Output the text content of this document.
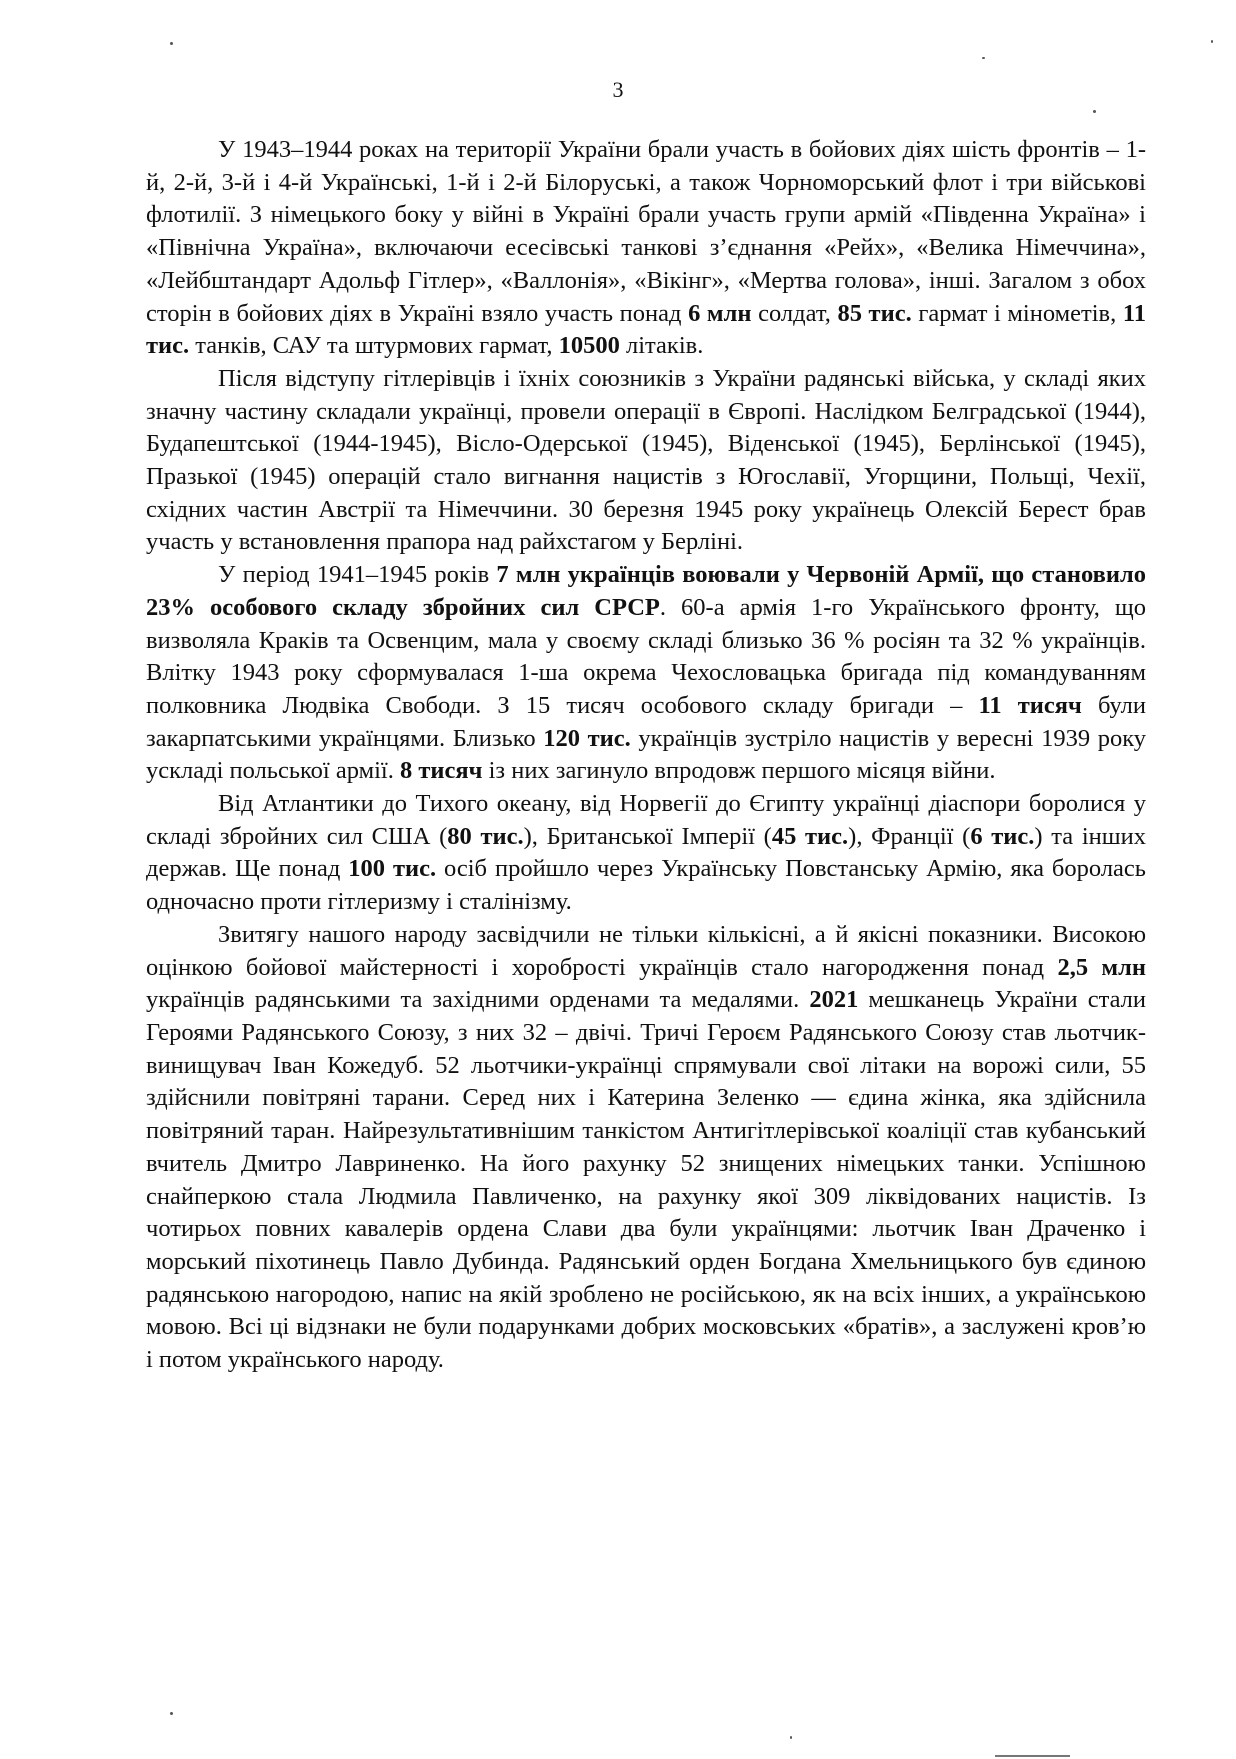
3

У 1943–1944 роках на території України брали участь в бойових діях шість фронтів – 1-й, 2-й, 3-й і 4-й Українські, 1-й і 2-й Білоруські, а також Чорноморський флот і три військові флотилії. З німецького боку у війні в Україні брали участь групи армій «Південна Україна» і «Північна Україна», включаючи есесівські танкові з’єднання «Рейх», «Велика Німеччина», «Лейбштандарт Адольф Гітлер», «Валлонія», «Вікінг», «Мертва голова», інші. Загалом з обох сторін в бойових діях в Україні взяло участь понад 6 млн солдат, 85 тис. гармат і мінометів, 11 тис. танків, САУ та штурмових гармат, 10500 літаків.

Після відступу гітлерівців і їхніх союзників з України радянські війська, у складі яких значну частину складали українці, провели операції в Європі. Наслідком Белградської (1944), Будапештської (1944-1945), Вісло-Одерської (1945), Віденської (1945), Берлінської (1945), Празької (1945) операцій стало вигнання нацистів з Югославії, Угорщини, Польщі, Чехії, східних частин Австрії та Німеччини. 30 березня 1945 року українець Олексій Берест брав участь у встановлення прапора над райхстагом у Берліні.

У період 1941–1945 років 7 млн українців воювали у Червоній Армії, що становило 23% особового складу збройних сил СРСР. 60-а армія 1-го Українського фронту, що визволяла Краків та Освенцим, мала у своєму складі близько 36 % росіян та 32 % українців. Влітку 1943 року сформувалася 1-ша окрема Чехословацька бригада під командуванням полковника Людвіка Свободи. З 15 тисяч особового складу бригади – 11 тисяч були закарпатськими українцями. Близько 120 тис. українців зустріло нацистів у вересні 1939 року ускладі польської армії. 8 тисяч із них загинуло впродовж першого місяця війни.

Від Атлантики до Тихого океану, від Норвегії до Єгипту українці діаспори боролися у складі збройних сил США (80 тис.), Британської Імперії (45 тис.), Франції (6 тис.) та інших держав. Ще понад 100 тис. осіб пройшло через Українську Повстанську Армію, яка боролась одночасно проти гітлеризму і сталінізму.

Звитягу нашого народу засвідчили не тільки кількісні, а й якісні показники. Високою оцінкою бойової майстерності і хоробрості українців стало нагородження понад 2,5 млн українців радянськими та західними орденами та медалями. 2021 мешканець України стали Героями Радянського Союзу, з них 32 – двічі. Тричі Героєм Радянського Союзу став льотчик-винищувач Іван Кожедуб. 52 льотчики-українці спрямували свої літаки на ворожі сили, 55 здійснили повітряні тарани. Серед них і Катерина Зеленко — єдина жінка, яка здійснила повітряний таран. Найрезультативнішим танкістом Антигітлерівської коаліції став кубанський вчитель Дмитро Лавриненко. На його рахунку 52 знищених німецьких танки. Успішною снайперкою стала Людмила Павличенко, на рахунку якої 309 ліквідованих нацистів. Із чотирьох повних кавалерів ордена Слави два були українцями: льотчик Іван Драченко і морський піхотинець Павло Дубинда. Радянський орден Богдана Хмельницького був єдиною радянською нагородою, напис на якій зроблено не російською, як на всіх інших, а українською мовою. Всі ці відзнаки не були подарунками добрих московських «братів», а заслужені кров’ю і потом українського народу.
